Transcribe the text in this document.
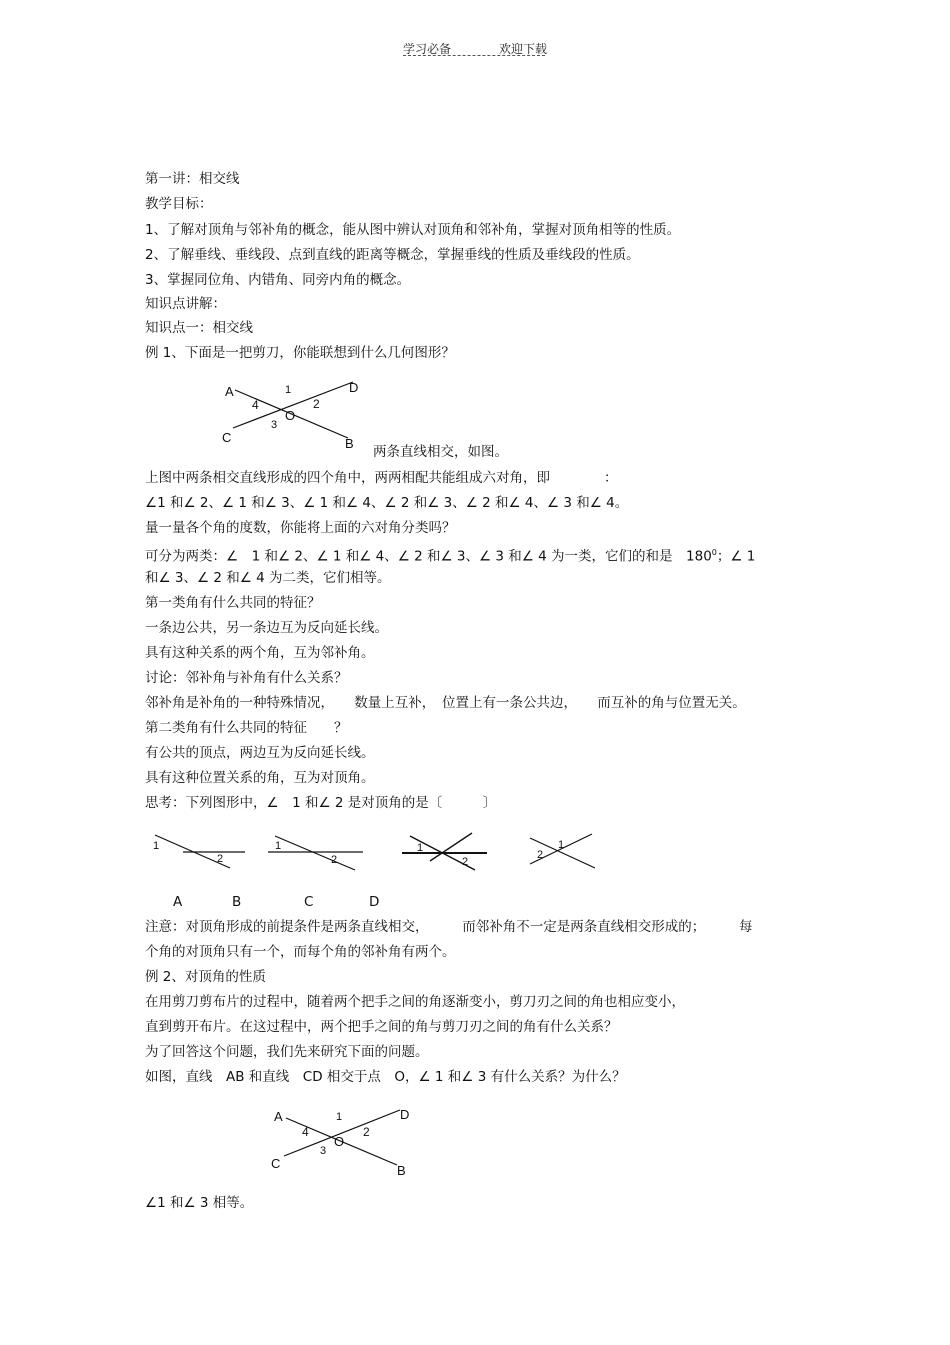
学习必备	欢迎下载
第一讲：相交线
教学目标：
1、了解对顶角与邻补角的概念，能从图中辨认对顶角和邻补角，掌握对顶角相等的性质。
2、了解垂线、垂线段、点到直线的距离等概念，掌握垂线的性质及垂线段的性质。
3、掌握同位角、内错角、同旁内角的概念。
知识点讲解：
知识点一：相交线
例 1、下面是一把剪刀，你能联想到什么几何图形？
A	D
C	B
O
1
2
3
4
两条直线相交，如图。
上图中两条相交直线形成的四个角中，两两相配共能组成六对角，即　　　　：
∠1 和∠ 2、∠ 1 和∠ 3、∠ 1 和∠ 4、∠ 2 和∠ 3、∠ 2 和∠ 4、∠ 3 和∠ 4。
量一量各个角的度数，你能将上面的六对角分类吗？
可分为两类：∠　1 和∠ 2、∠ 1 和∠ 4、∠ 2 和∠ 3、∠ 3 和∠ 4 为一类，它们的和是　$180^0$；∠ 1
和∠ 3、∠ 2 和∠ 4 为二类，它们相等。
第一类角有什么共同的特征？
一条边公共，另一条边互为反向延长线。
具有这种关系的两个角，互为邻补角。
讨论：邻补角与补角有什么关系？
邻补角是补角的一种特殊情况，　　数量上互补，　位置上有一条公共边，　　而互补的角与位置无关。
第二类角有什么共同的特征　　？
有公共的顶点，两边互为反向延长线。
具有这种位置关系的角，互为对顶角。
思考：下列图形中，∠　1 和∠ 2 是对顶角的是〔　　　〕
1
2
1
2
1
2
1
2
A	B	C	D
注意：对顶角形成的前提条件是两条直线相交，　　　而邻补角不一定是两条直线相交形成的；　　　每
个角的对顶角只有一个，而每个角的邻补角有两个。
例 2、对顶角的性质
在用剪刀剪布片的过程中，随着两个把手之间的角逐渐变小，剪刀刃之间的角也相应变小，
直到剪开布片。在这过程中，两个把手之间的角与剪刀刃之间的角有什么关系？
为了回答这个问题，我们先来研究下面的问题。
如图，直线　AB 和直线　CD 相交于点　O，∠ 1 和∠ 3 有什么关系？为什么？
A	D
C	B
O
1
2
3
4
∠1 和∠ 3 相等。
